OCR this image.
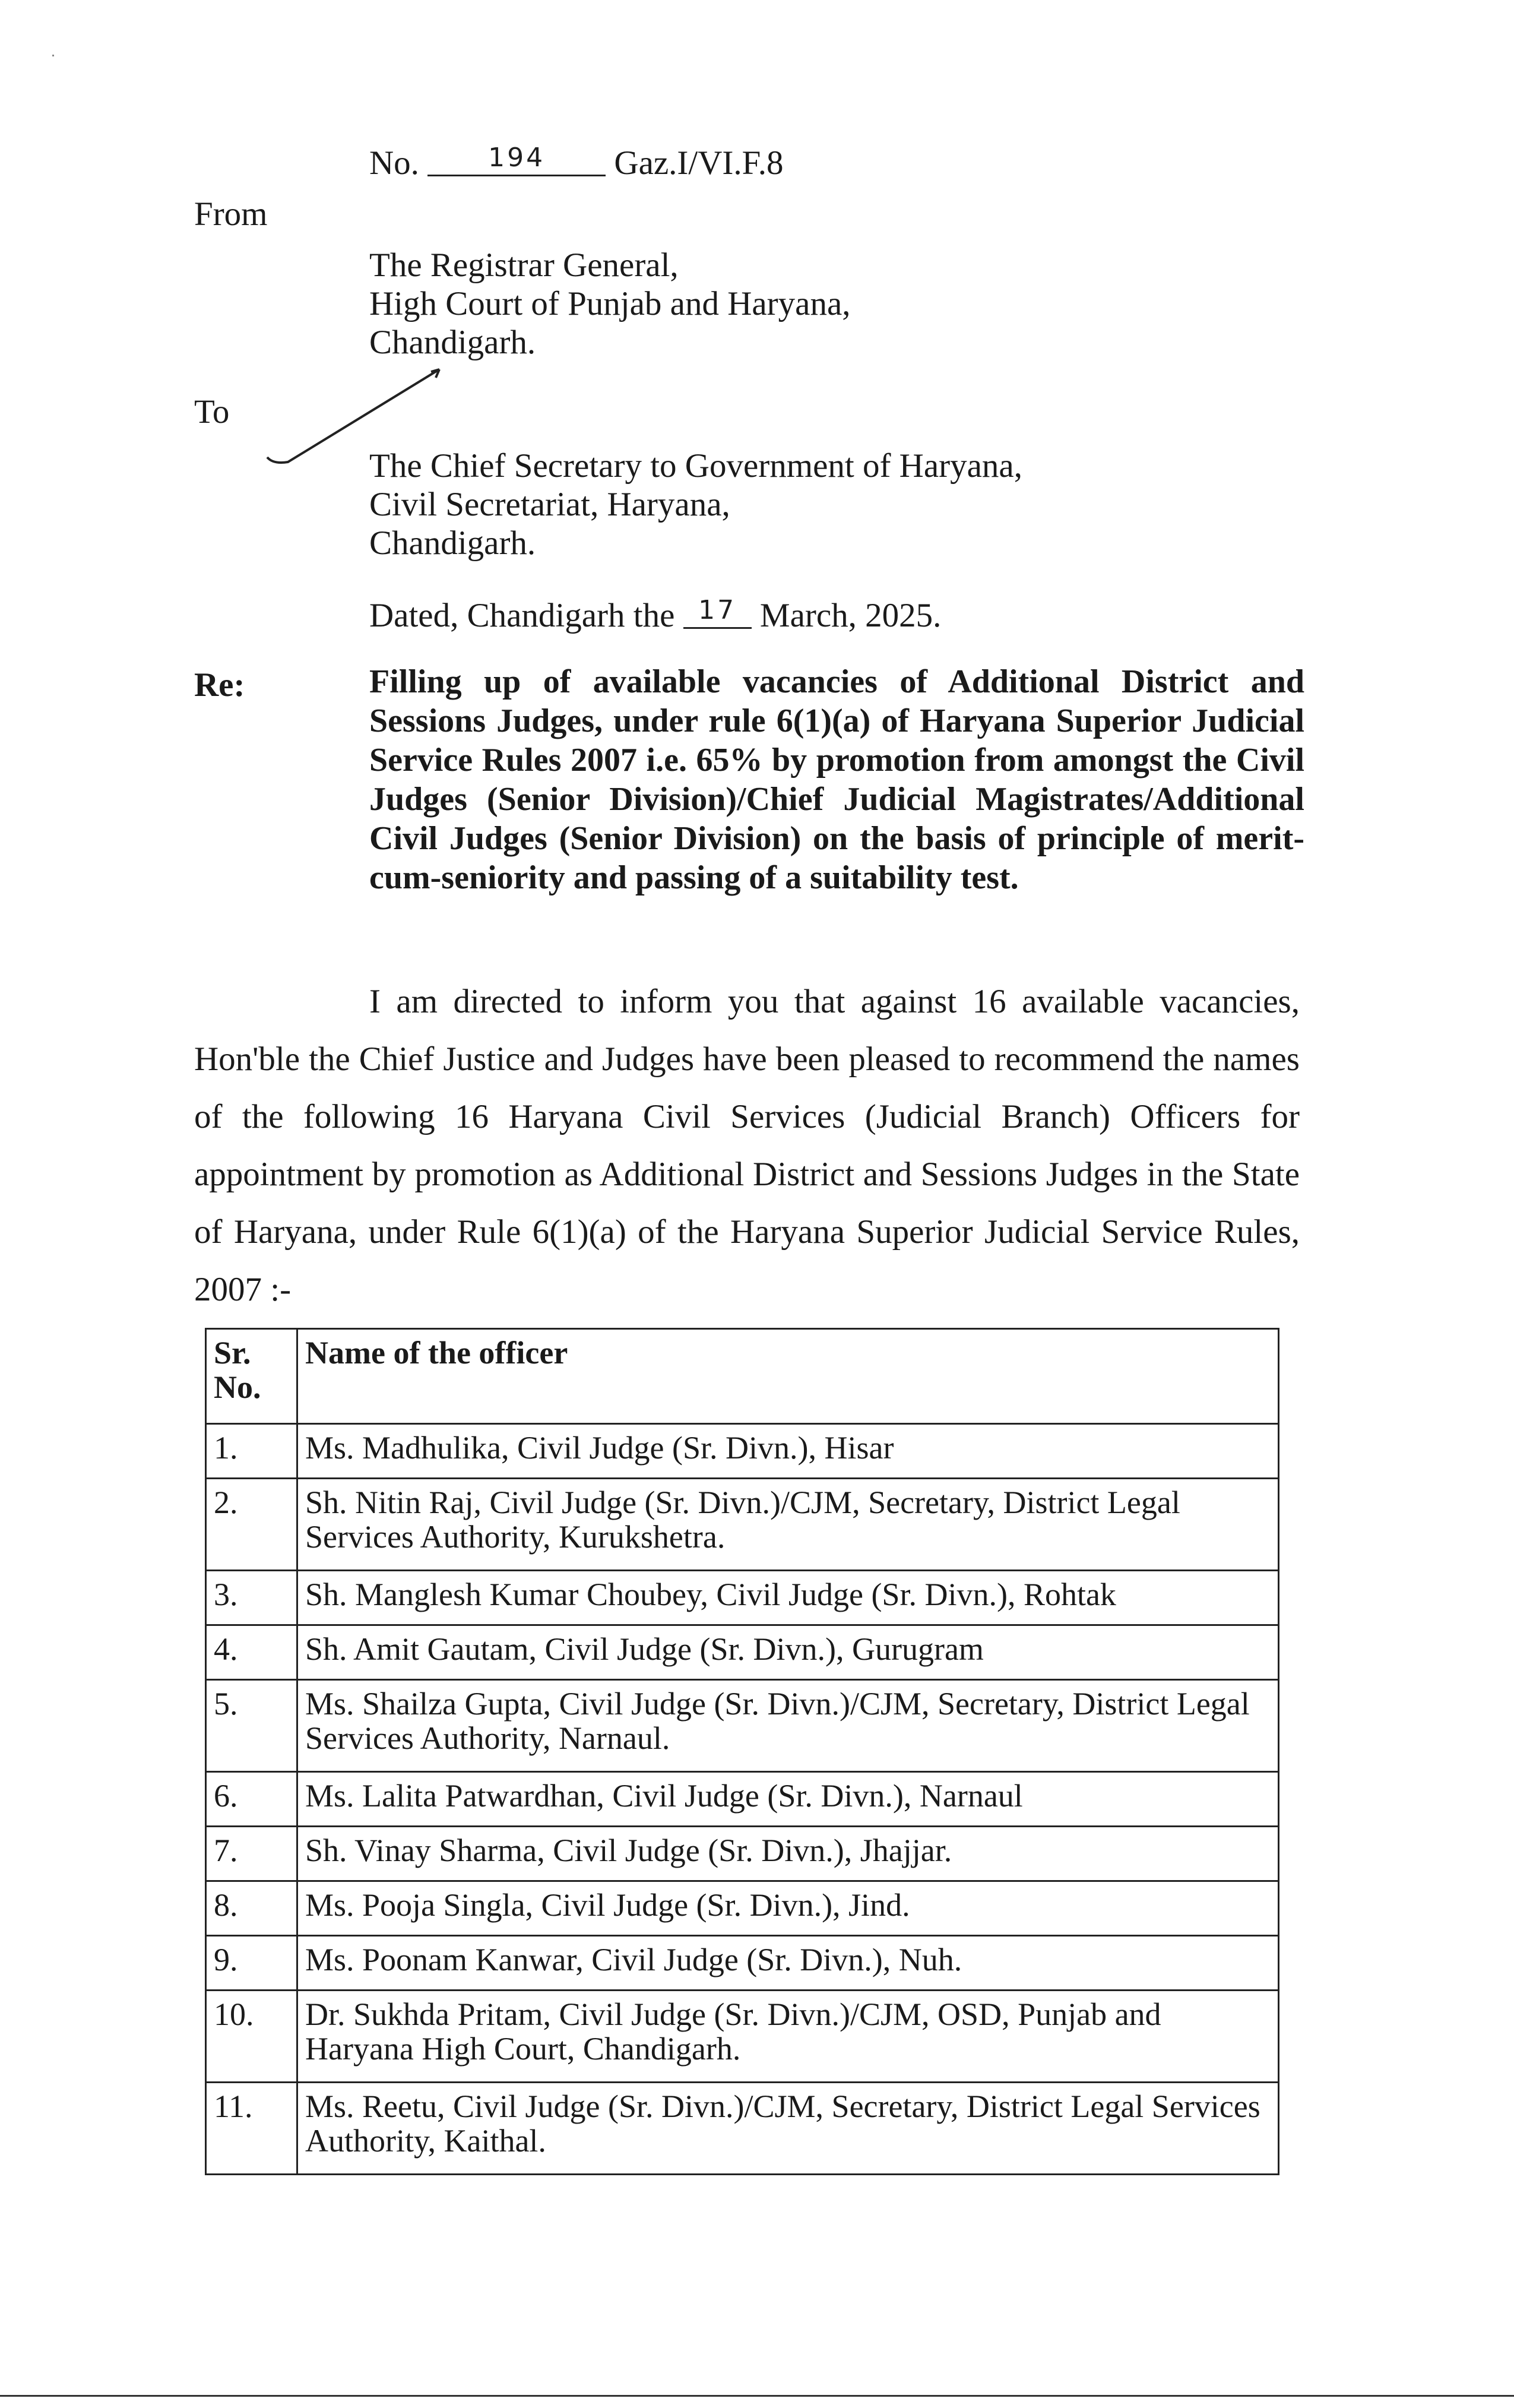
No.	194 Gaz.I/VI.F.8
From
The Registrar General,
High Court of Punjab and Haryana,
Chandigarh.
To
The Chief Secretary to Government of Haryana,
Civil Secretariat, Haryana,
Chandigarh.
Dated, Chandigarh the 17 March, 2025.
Re:	Filling up of available vacancies of Additional District and Sessions Judges, under rule 6(1)(a) of Haryana Superior Judicial Service Rules 2007 i.e. 65% by promotion from amongst the Civil Judges (Senior Division)/Chief Judicial Magistrates/Additional Civil Judges (Senior Division) on the basis of principle of merit-cum-seniority and passing of a suitability test.
I am directed to inform you that against 16 available vacancies, Hon'ble the Chief Justice and Judges have been pleased to recommend the names of the following 16 Haryana Civil Services (Judicial Branch) Officers for appointment by promotion as Additional District and Sessions Judges in the State of Haryana, under Rule 6(1)(a) of the Haryana Superior Judicial Service Rules, 2007 :-
Sr. No.	Name of the officer
1.	Ms. Madhulika, Civil Judge (Sr. Divn.), Hisar
2.	Sh. Nitin Raj, Civil Judge (Sr. Divn.)/CJM, Secretary, District Legal Services Authority, Kurukshetra.
3.	Sh. Manglesh Kumar Choubey, Civil Judge (Sr. Divn.), Rohtak
4.	Sh. Amit Gautam, Civil Judge (Sr. Divn.), Gurugram
5.	Ms. Shailza Gupta, Civil Judge (Sr. Divn.)/CJM, Secretary, District Legal Services Authority, Narnaul.
6.	Ms. Lalita Patwardhan, Civil Judge (Sr. Divn.), Narnaul
7.	Sh. Vinay Sharma, Civil Judge (Sr. Divn.), Jhajjar.
8.	Ms. Pooja Singla, Civil Judge (Sr. Divn.), Jind.
9.	Ms. Poonam Kanwar, Civil Judge (Sr. Divn.), Nuh.
10.	Dr. Sukhda Pritam, Civil Judge (Sr. Divn.)/CJM, OSD, Punjab and Haryana High Court, Chandigarh.
11.	Ms. Reetu, Civil Judge (Sr. Divn.)/CJM, Secretary, District Legal Services Authority, Kaithal.
